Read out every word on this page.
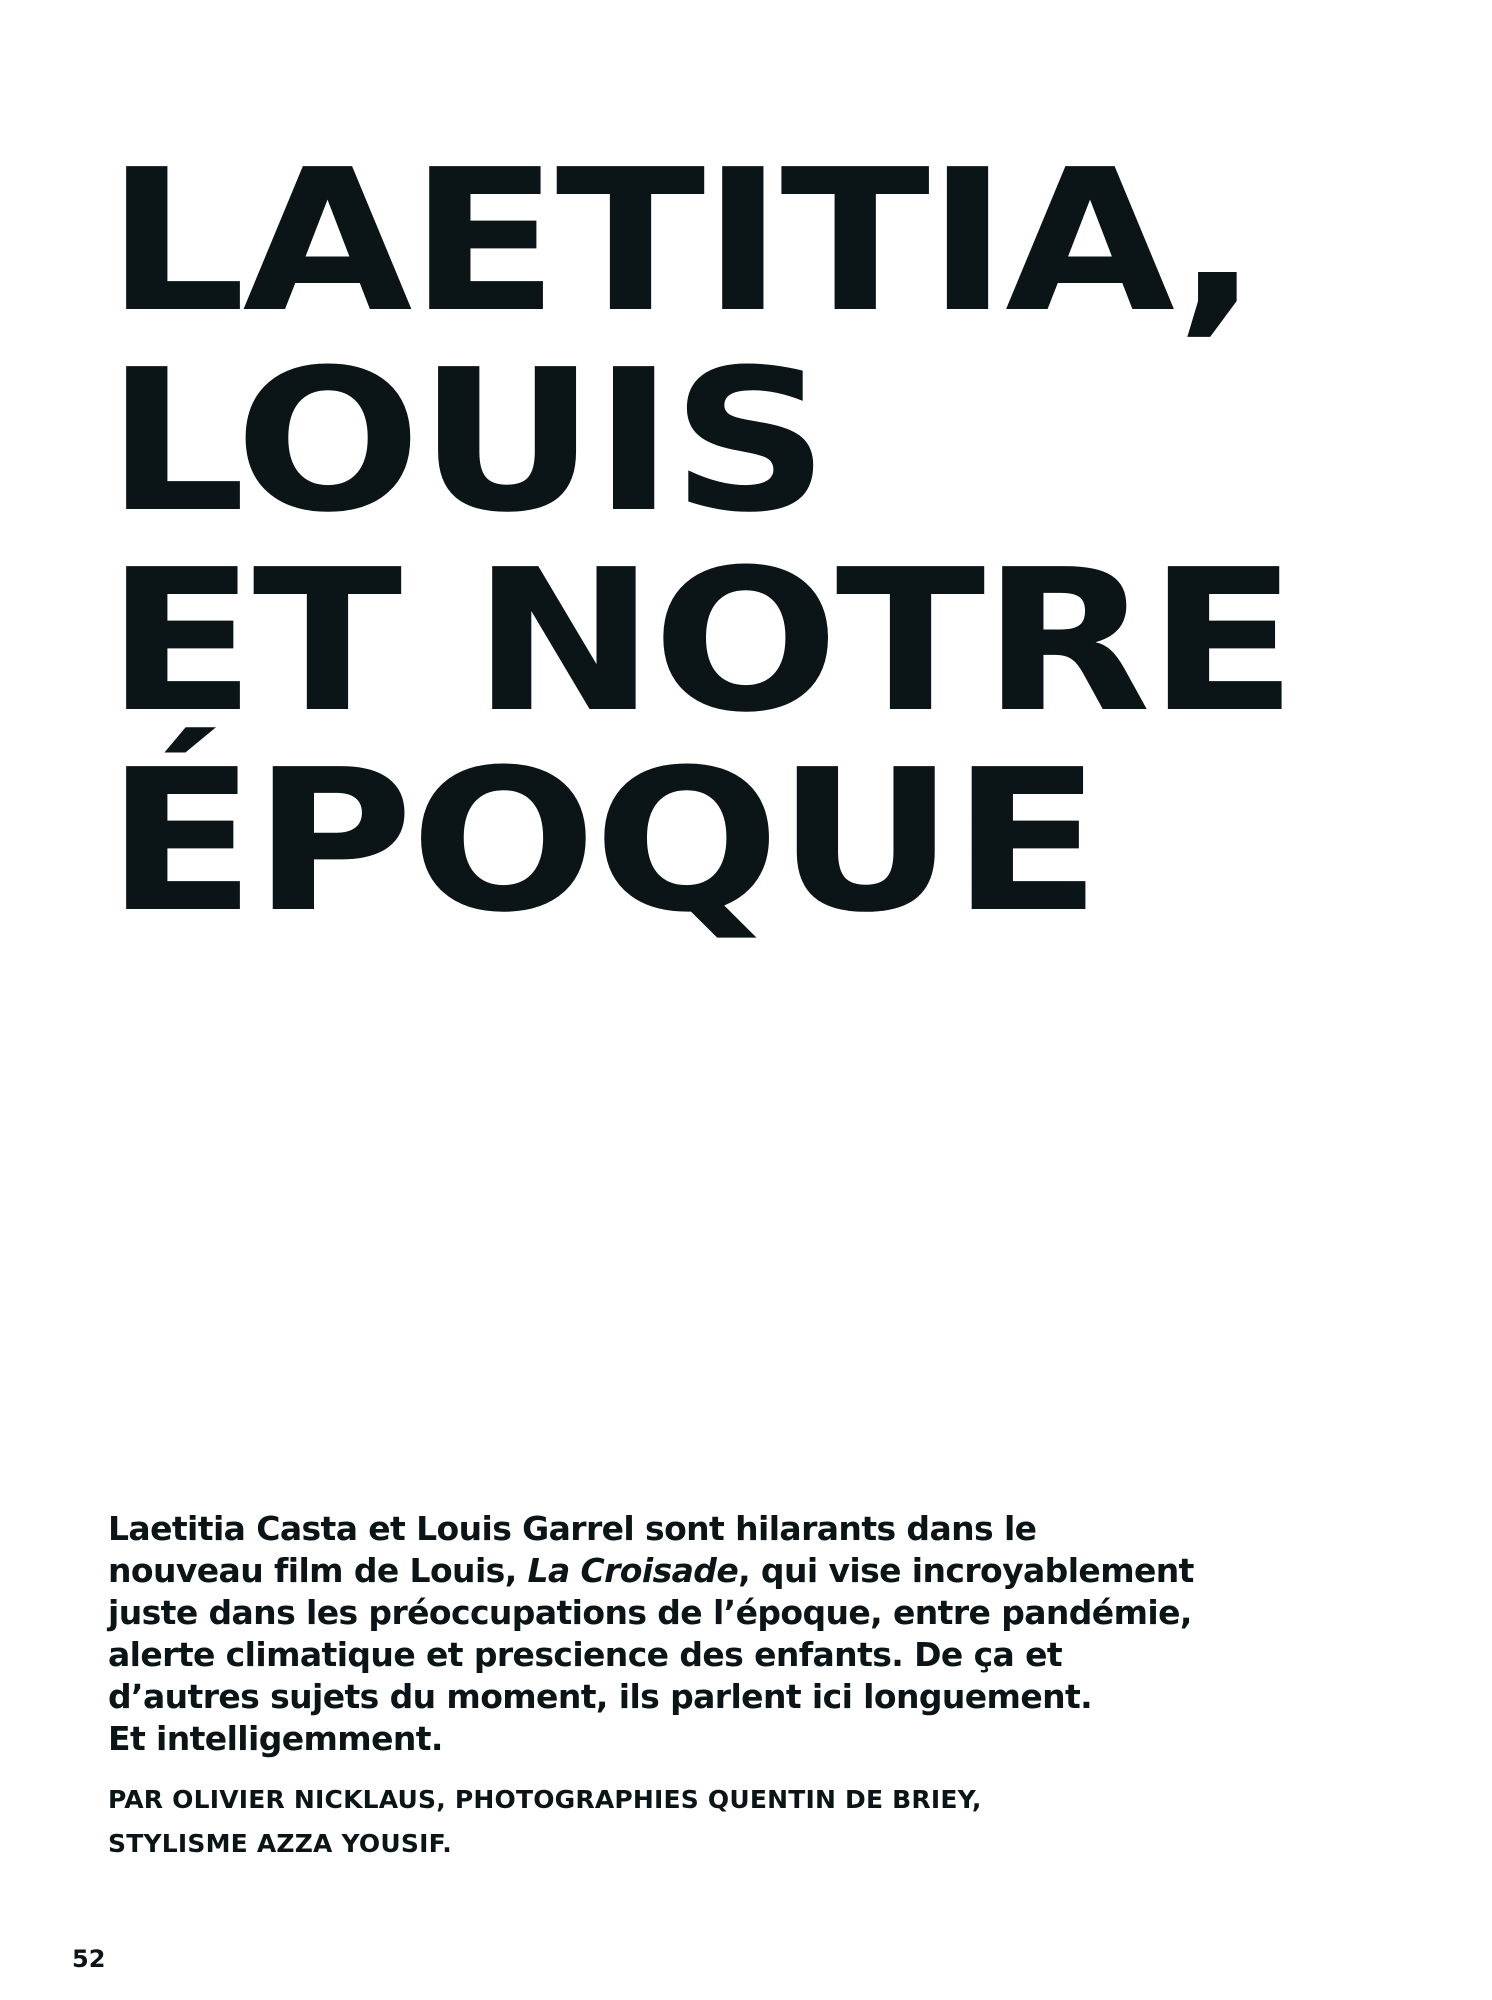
LAETITIA,
LOUIS
ET NOTRE
ÉPOQUE

Laetitia Casta et Louis Garrel sont hilarants dans le
nouveau film de Louis, La Croisade, qui vise incroyablement
juste dans les préoccupations de l’époque, entre pandémie,
alerte climatique et prescience des enfants. De ça et
d’autres sujets du moment, ils parlent ici longuement.
Et intelligemment.

PAR OLIVIER NICKLAUS, PHOTOGRAPHIES QUENTIN DE BRIEY,
STYLISME AZZA YOUSIF.

52
